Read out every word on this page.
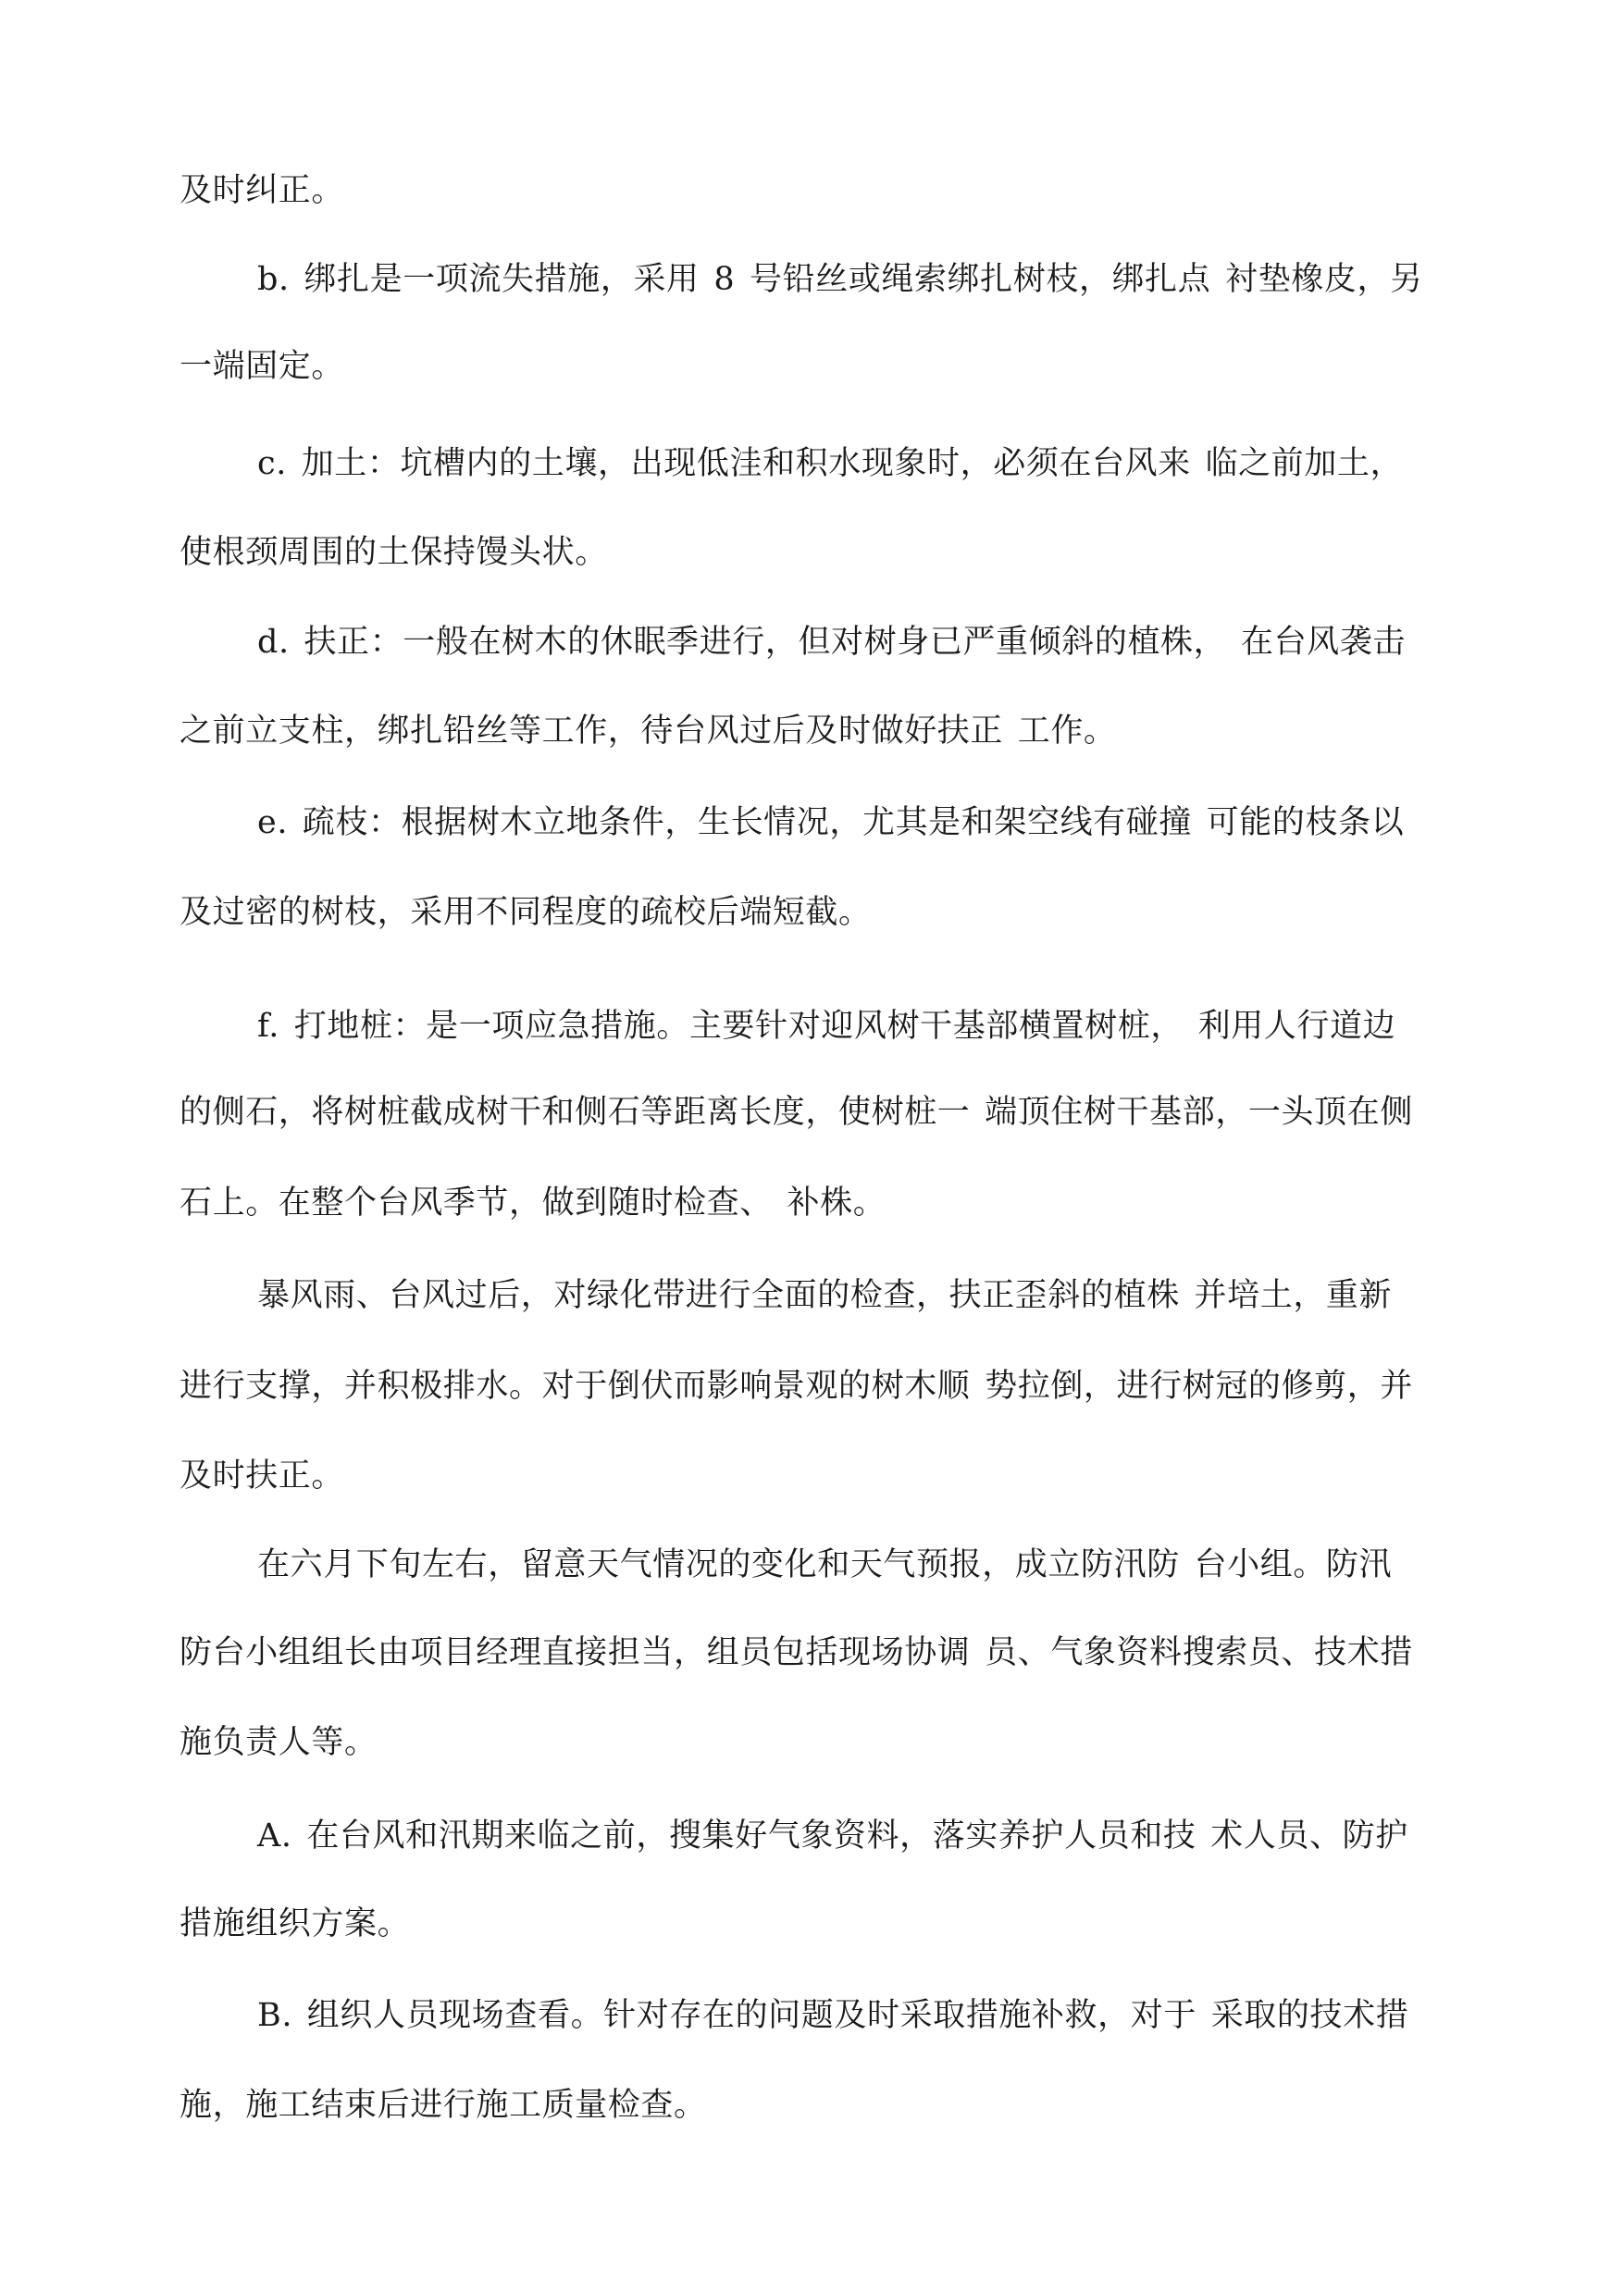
及时纠正。
b. 绑扎是一项流失措施，采用 8 号铅丝或绳索绑扎树枝，绑扎点 衬垫橡皮，另
一端固定。
c. 加土：坑槽内的土壤，出现低洼和积水现象时，必须在台风来 临之前加土，
使根颈周围的土保持馒头状。
d. 扶正：一般在树木的休眠季进行，但对树身已严重倾斜的植株， 在台风袭击
之前立支柱，绑扎铅丝等工作，待台风过后及时做好扶正 工作。
e. 疏枝：根据树木立地条件，生长情况，尤其是和架空线有碰撞 可能的枝条以
及过密的树枝，采用不同程度的疏校后端短截。
f. 打地桩：是一项应急措施。主要针对迎风树干基部横置树桩， 利用人行道边
的侧石，将树桩截成树干和侧石等距离长度，使树桩一 端顶住树干基部，一头顶在侧
石上。在整个台风季节，做到随时检查、 补株。
暴风雨、台风过后，对绿化带进行全面的检查，扶正歪斜的植株 并培土，重新
进行支撑，并积极排水。对于倒伏而影响景观的树木顺 势拉倒，进行树冠的修剪，并
及时扶正。
在六月下旬左右，留意天气情况的变化和天气预报，成立防汛防 台小组。防汛
防台小组组长由项目经理直接担当，组员包括现场协调 员、气象资料搜索员、技术措
施负责人等。
A. 在台风和汛期来临之前，搜集好气象资料，落实养护人员和技 术人员、防护
措施组织方案。
B. 组织人员现场查看。针对存在的问题及时采取措施补救，对于 采取的技术措
施，施工结束后进行施工质量检查。
